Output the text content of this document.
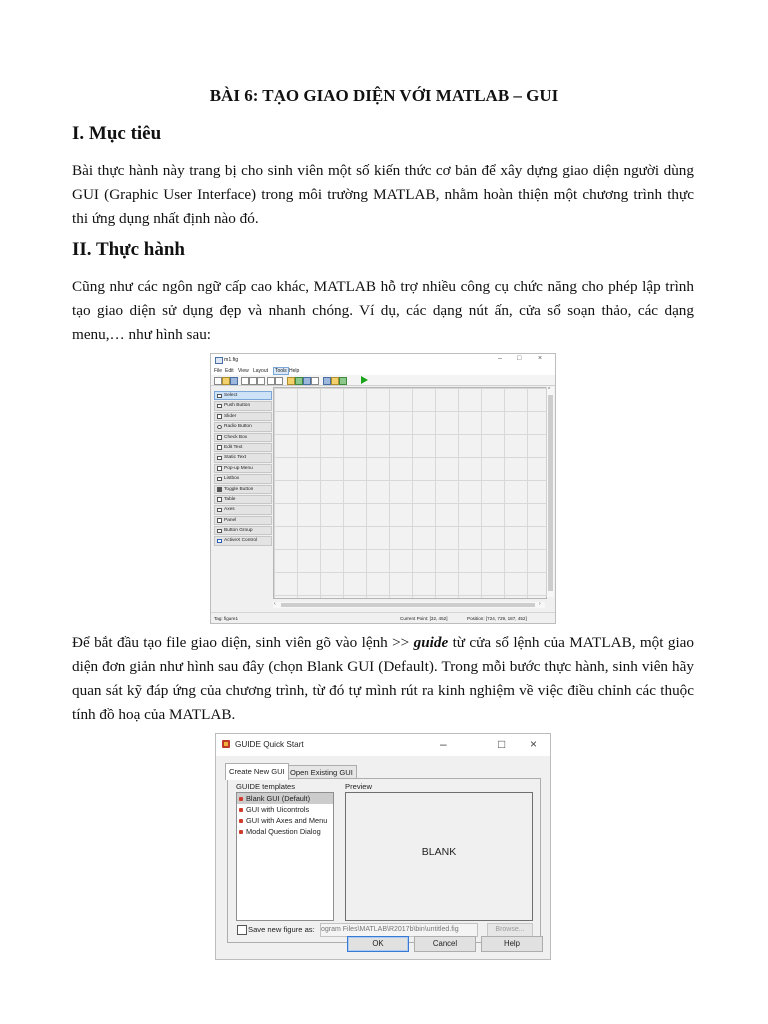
BÀI 6: TẠO GIAO DIỆN VỚI MATLAB – GUI
I. Mục tiêu

Bài thực hành này trang bị cho sinh viên một số kiến thức cơ bản để xây dựng giao diện người dùng GUI (Graphic User Interface) trong môi trường MATLAB, nhằm hoàn thiện một chương trình thực thi ứng dụng nhất định nào đó.

II. Thực hành

Cũng như các ngôn ngữ cấp cao khác, MATLAB hỗ trợ nhiều công cụ chức năng cho phép lập trình tạo giao diện sử dụng đẹp và nhanh chóng. Ví dụ, các dạng nút ấn, cửa sổ soạn thảo, các dạng menu,… như hình sau:

Để bắt đầu tạo file giao diện, sinh viên gõ vào lệnh >> guide từ cửa sổ lệnh của MATLAB, một giao diện đơn giản như hình sau đây (chọn Blank GUI (Default). Trong mỗi bước thực hành, sinh viên hãy quan sát kỹ đáp ứng của chương trình, từ đó tự mình rút ra kinh nghiệm về việc điều chỉnh các thuộc tính đồ hoạ của MATLAB.

m1.fig	– □ ×
File Edit View Layout	Tools Help
Select
Push Button
Slider
Radio Button
Check Box
Edit Text
Static Text
Pop-up Menu
Listbox
Toggle Button
Table
Axes
Panel
Button Group
ActiveX Control
^
‹	›
Tag: figure1	Current Point: [32, 452]	Position: [724, 729, 187, 452]
GUIDE Quick Start	–	□ ×
Create New GUI Open Existing GUI
GUIDE templates	Preview
Blank GUI (Default)
GUI with Uicontrols
GUI with Axes and Menu
Modal Question Dialog
BLANK
Save new figure as: ogram Files\MATLAB\R2017b\bin\untitled.fig	Browse...
OK	Cancel	Help
